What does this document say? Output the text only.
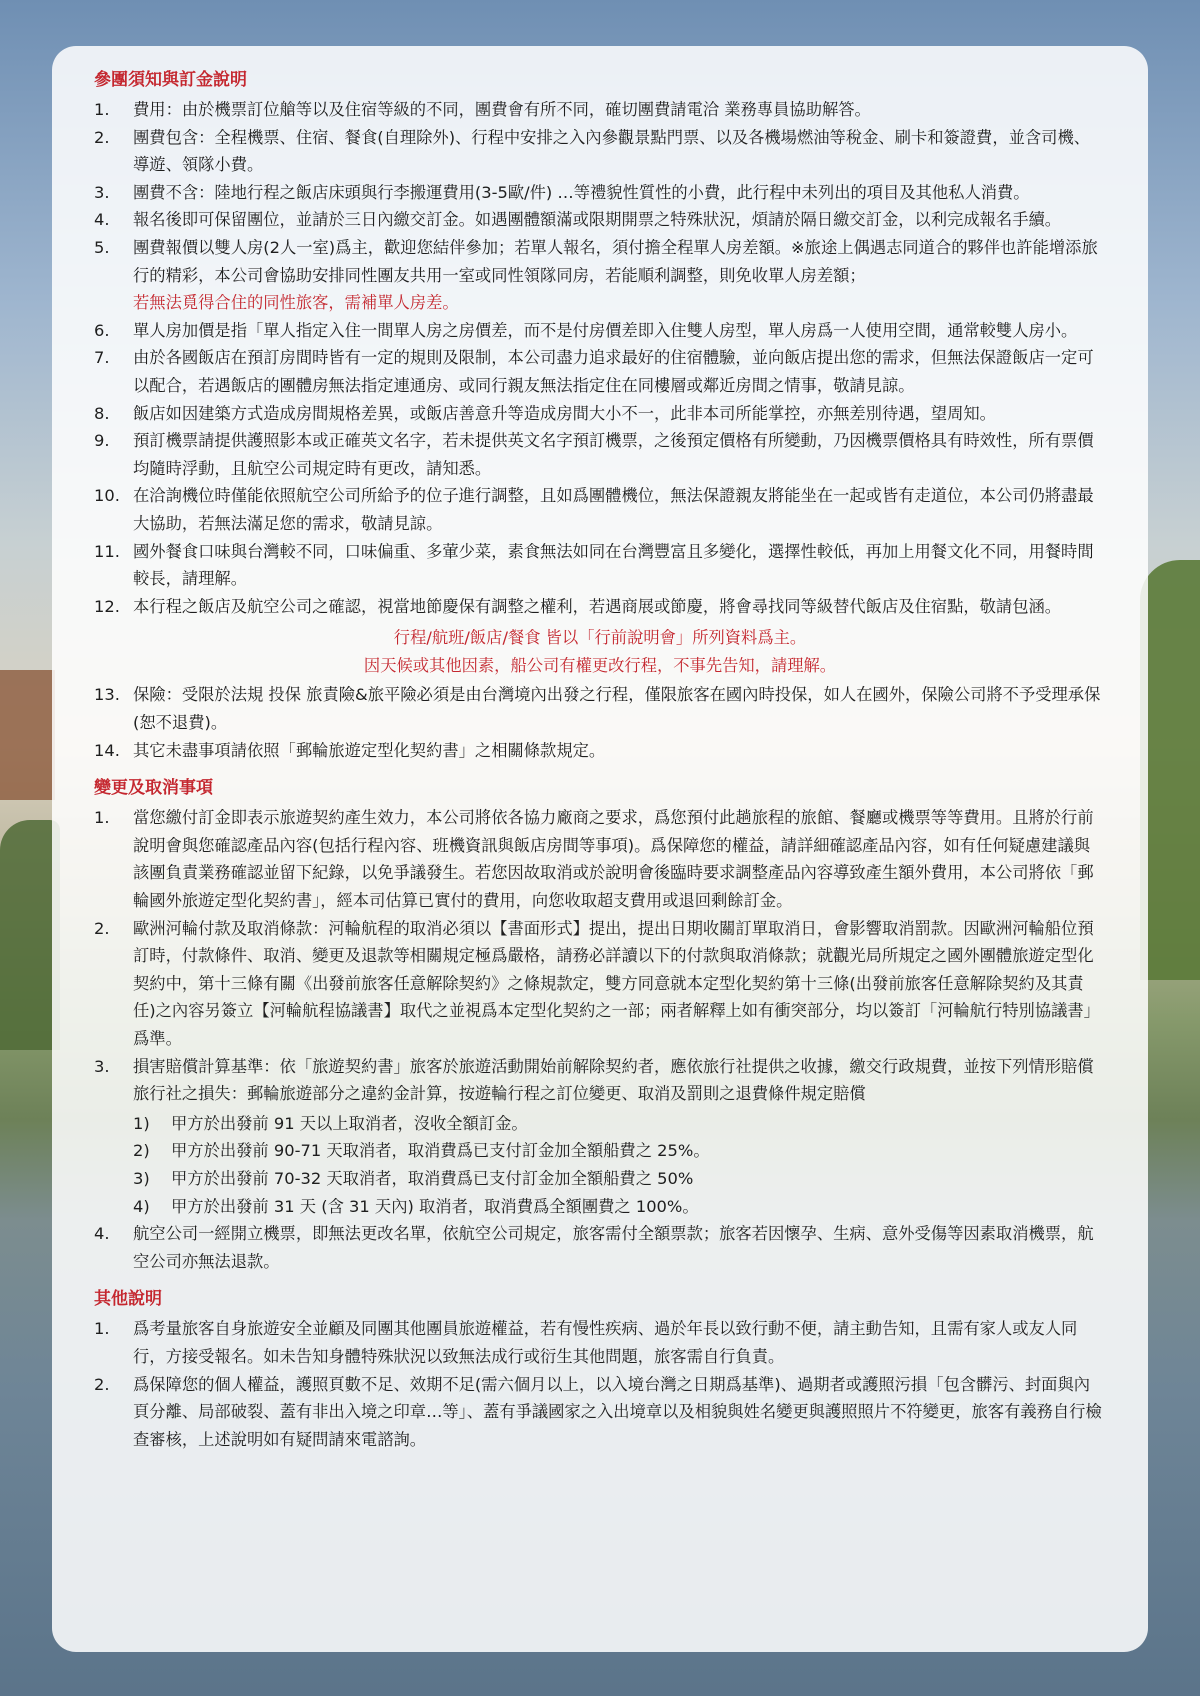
參團須知與訂金說明
1.	費用：由於機票訂位艙等以及住宿等級的不同，團費會有所不同，確切團費請電洽 業務專員協助解答。
2.	團費包含：全程機票、住宿、餐食(自理除外)、行程中安排之入內參觀景點門票、以及各機場燃油等稅金、刷卡和簽證費，並含司機、導遊、領隊小費。
3.	團費不含：陸地行程之飯店床頭與行李搬運費用(3-5歐/件) …等禮貌性質性的小費，此行程中未列出的項目及其他私人消費。
4.	報名後即可保留團位，並請於三日內繳交訂金。如遇團體額滿或限期開票之特殊狀況，煩請於隔日繳交訂金，以利完成報名手續。
5.	團費報價以雙人房(2人一室)爲主，歡迎您結伴參加；若單人報名，須付擔全程單人房差額。※旅途上偶遇志同道合的夥伴也許能增添旅行的精彩，本公司會協助安排同性團友共用一室或同性領隊同房，若能順利調整，則免收單人房差額；
若無法覓得合住的同性旅客，需補單人房差。
6.	單人房加價是指「單人指定入住一間單人房之房價差，而不是付房價差即入住雙人房型，單人房爲一人使用空間，通常較雙人房小。
7.	由於各國飯店在預訂房間時皆有一定的規則及限制，本公司盡力追求最好的住宿體驗，並向飯店提出您的需求，但無法保證飯店一定可以配合，若遇飯店的團體房無法指定連通房、或同行親友無法指定住在同樓層或鄰近房間之情事，敬請見諒。
8.	飯店如因建築方式造成房間規格差異，或飯店善意升等造成房間大小不一，此非本司所能掌控，亦無差別待遇，望周知。
9.	預訂機票請提供護照影本或正確英文名字，若未提供英文名字預訂機票，之後預定價格有所變動，乃因機票價格具有時效性，所有票價均隨時浮動，且航空公司規定時有更改，請知悉。
10. 在洽詢機位時僅能依照航空公司所給予的位子進行調整，且如爲團體機位，無法保證親友將能坐在一起或皆有走道位，本公司仍將盡最大協助，若無法滿足您的需求，敬請見諒。
11. 國外餐食口味與台灣較不同，口味偏重、多葷少菜，素食無法如同在台灣豐富且多變化，選擇性較低，再加上用餐文化不同，用餐時間較長，請理解。
12. 本行程之飯店及航空公司之確認，視當地節慶保有調整之權利，若遇商展或節慶，將會尋找同等級替代飯店及住宿點，敬請包涵。
行程/航班/飯店/餐食 皆以「行前說明會」所列資料爲主。
因天候或其他因素，船公司有權更改行程，不事先告知，請理解。
13. 保險：受限於法規 投保 旅責險&旅平險必須是由台灣境內出發之行程，僅限旅客在國內時投保，如人在國外，保險公司將不予受理承保(恕不退費)。
14. 其它未盡事項請依照「郵輪旅遊定型化契約書」之相關條款規定。
變更及取消事項
1.	當您繳付訂金即表示旅遊契約產生效力，本公司將依各協力廠商之要求，爲您預付此趟旅程的旅館、餐廳或機票等等費用。且將於行前說明會與您確認產品內容(包括行程內容、班機資訊與飯店房間等事項)。爲保障您的權益，請詳細確認產品內容，如有任何疑慮建議與該團負責業務確認並留下紀錄，以免爭議發生。若您因故取消或於說明會後臨時要求調整產品內容導致產生額外費用，本公司將依「郵輪國外旅遊定型化契約書」，經本司估算已實付的費用，向您收取超支費用或退回剩餘訂金。
2.	歐洲河輪付款及取消條款：河輪航程的取消必須以【書面形式】提出，提出日期收關訂單取消日，會影響取消罰款。因歐洲河輪船位預訂時，付款條件、取消、變更及退款等相關規定極爲嚴格，請務必詳讀以下的付款與取消條款；就觀光局所規定之國外團體旅遊定型化契約中，第十三條有關《出發前旅客任意解除契約》之條規款定，雙方同意就本定型化契約第十三條(出發前旅客任意解除契約及其責任)之內容另簽立【河輪航程協議書】取代之並視爲本定型化契約之一部；兩者解釋上如有衝突部分，均以簽訂「河輪航行特別協議書」爲準。
3.	損害賠償計算基準：依「旅遊契約書」旅客於旅遊活動開始前解除契約者，應依旅行社提供之收據，繳交行政規費，並按下列情形賠償旅行社之損失：郵輪旅遊部分之違約金計算，按遊輪行程之訂位變更、取消及罰則之退費條件規定賠償
1)	甲方於出發前 91 天以上取消者，沒收全額訂金。
2)	甲方於出發前 90-71 天取消者，取消費爲已支付訂金加全額船費之 25%。
3)	甲方於出發前 70-32 天取消者，取消費爲已支付訂金加全額船費之 50%
4)	甲方於出發前 31 天 (含 31 天內) 取消者，取消費爲全額團費之 100%。
4.	航空公司一經開立機票，即無法更改名單，依航空公司規定，旅客需付全額票款；旅客若因懷孕、生病、意外受傷等因素取消機票，航空公司亦無法退款。
其他說明
1.	爲考量旅客自身旅遊安全並顧及同團其他團員旅遊權益，若有慢性疾病、過於年長以致行動不便，請主動告知，且需有家人或友人同行，方接受報名。如未告知身體特殊狀況以致無法成行或衍生其他問題，旅客需自行負責。
2.	爲保障您的個人權益，護照頁數不足、效期不足(需六個月以上，以入境台灣之日期爲基準)、過期者或護照污損「包含髒污、封面與內頁分離、局部破裂、蓋有非出入境之印章…等」、蓋有爭議國家之入出境章以及相貌與姓名變更與護照照片不符變更，旅客有義務自行檢查審核，上述說明如有疑問請來電諮詢。
